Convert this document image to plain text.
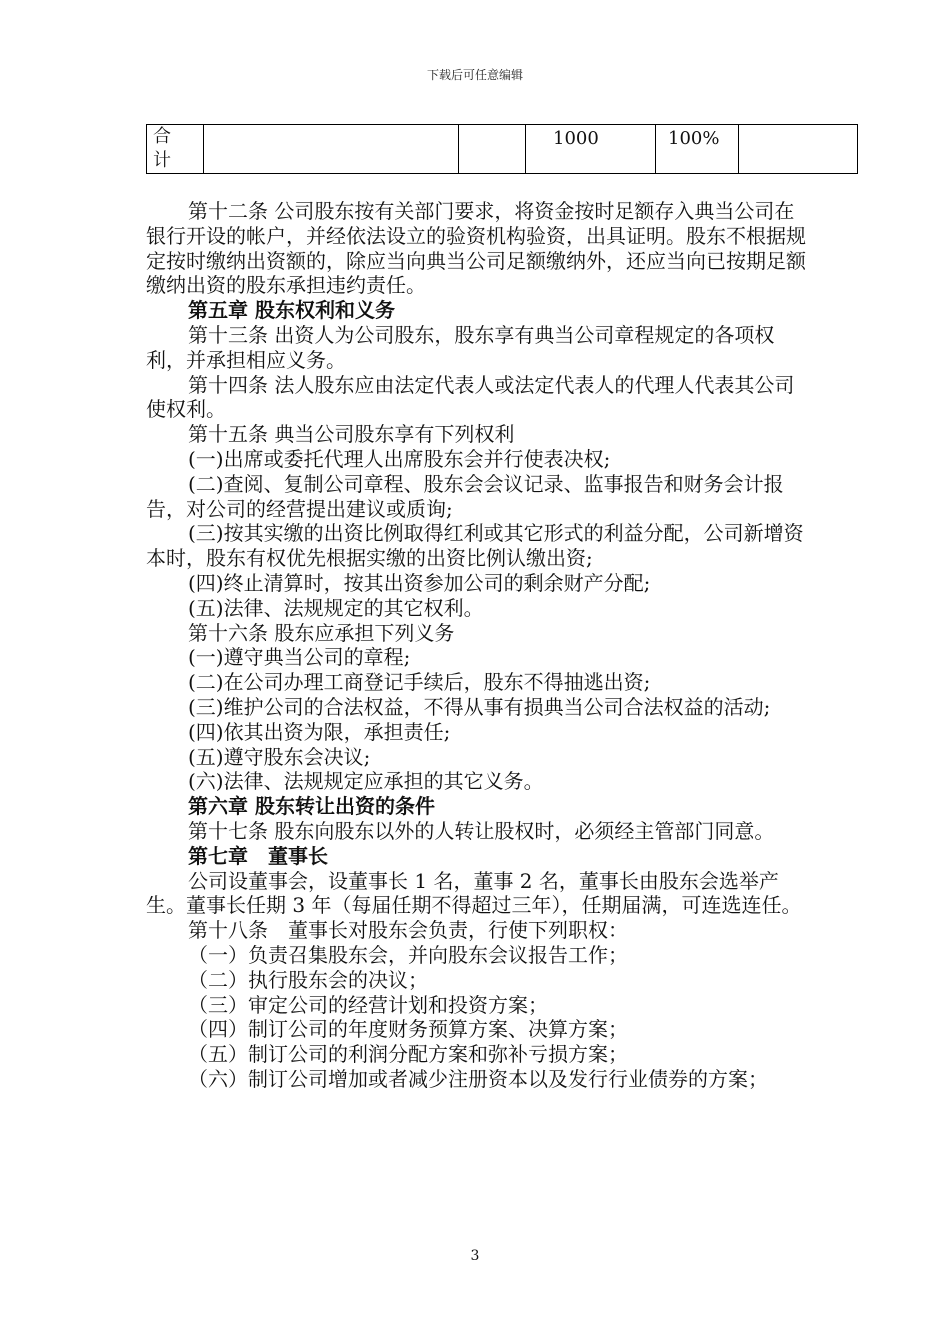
下载后可任意编辑
合
计
			1000	100%	

第十二条 公司股东按有关部门要求，将资金按时足额存入典当公司在银行开设的帐户，并经依法设立的验资机构验资，出具证明。股东不根据规定按时缴纳出资额的，除应当向典当公司足额缴纳外，还应当向已按期足额缴纳出资的股东承担违约责任。

第五章 股东权利和义务

第十三条 出资人为公司股东，股东享有典当公司章程规定的各项权利，并承担相应义务。

第十四条 法人股东应由法定代表人或法定代表人的代理人代表其公司使权利。

第十五条 典当公司股东享有下列权利

(一)出席或委托代理人出席股东会并行使表决权;

(二)查阅、复制公司章程、股东会会议记录、监事报告和财务会计报告，对公司的经营提出建议或质询;

(三)按其实缴的出资比例取得红利或其它形式的利益分配，公司新增资本时，股东有权优先根据实缴的出资比例认缴出资;

(四)终止清算时，按其出资参加公司的剩余财产分配;

(五)法律、法规规定的其它权利。

第十六条 股东应承担下列义务

(一)遵守典当公司的章程;

(二)在公司办理工商登记手续后，股东不得抽逃出资;

(三)维护公司的合法权益，不得从事有损典当公司合法权益的活动;

(四)依其出资为限，承担责任;

(五)遵守股东会决议;

(六)法律、法规规定应承担的其它义务。

第六章 股东转让出资的条件

第十七条 股东向股东以外的人转让股权时，必须经主管部门同意。

第七章　董事长

公司设董事会，设董事长 1 名，董事 2 名，董事长由股东会选举产生。董事长任期 3 年（每届任期不得超过三年），任期届满，可连选连任。

第十八条　董事长对股东会负责，行使下列职权：

（一）负责召集股东会，并向股东会议报告工作；

（二）执行股东会的决议；

（三）审定公司的经营计划和投资方案；

（四）制订公司的年度财务预算方案、决算方案；

（五）制订公司的利润分配方案和弥补亏损方案；

（六）制订公司增加或者减少注册资本以及发行行业债券的方案；

3
